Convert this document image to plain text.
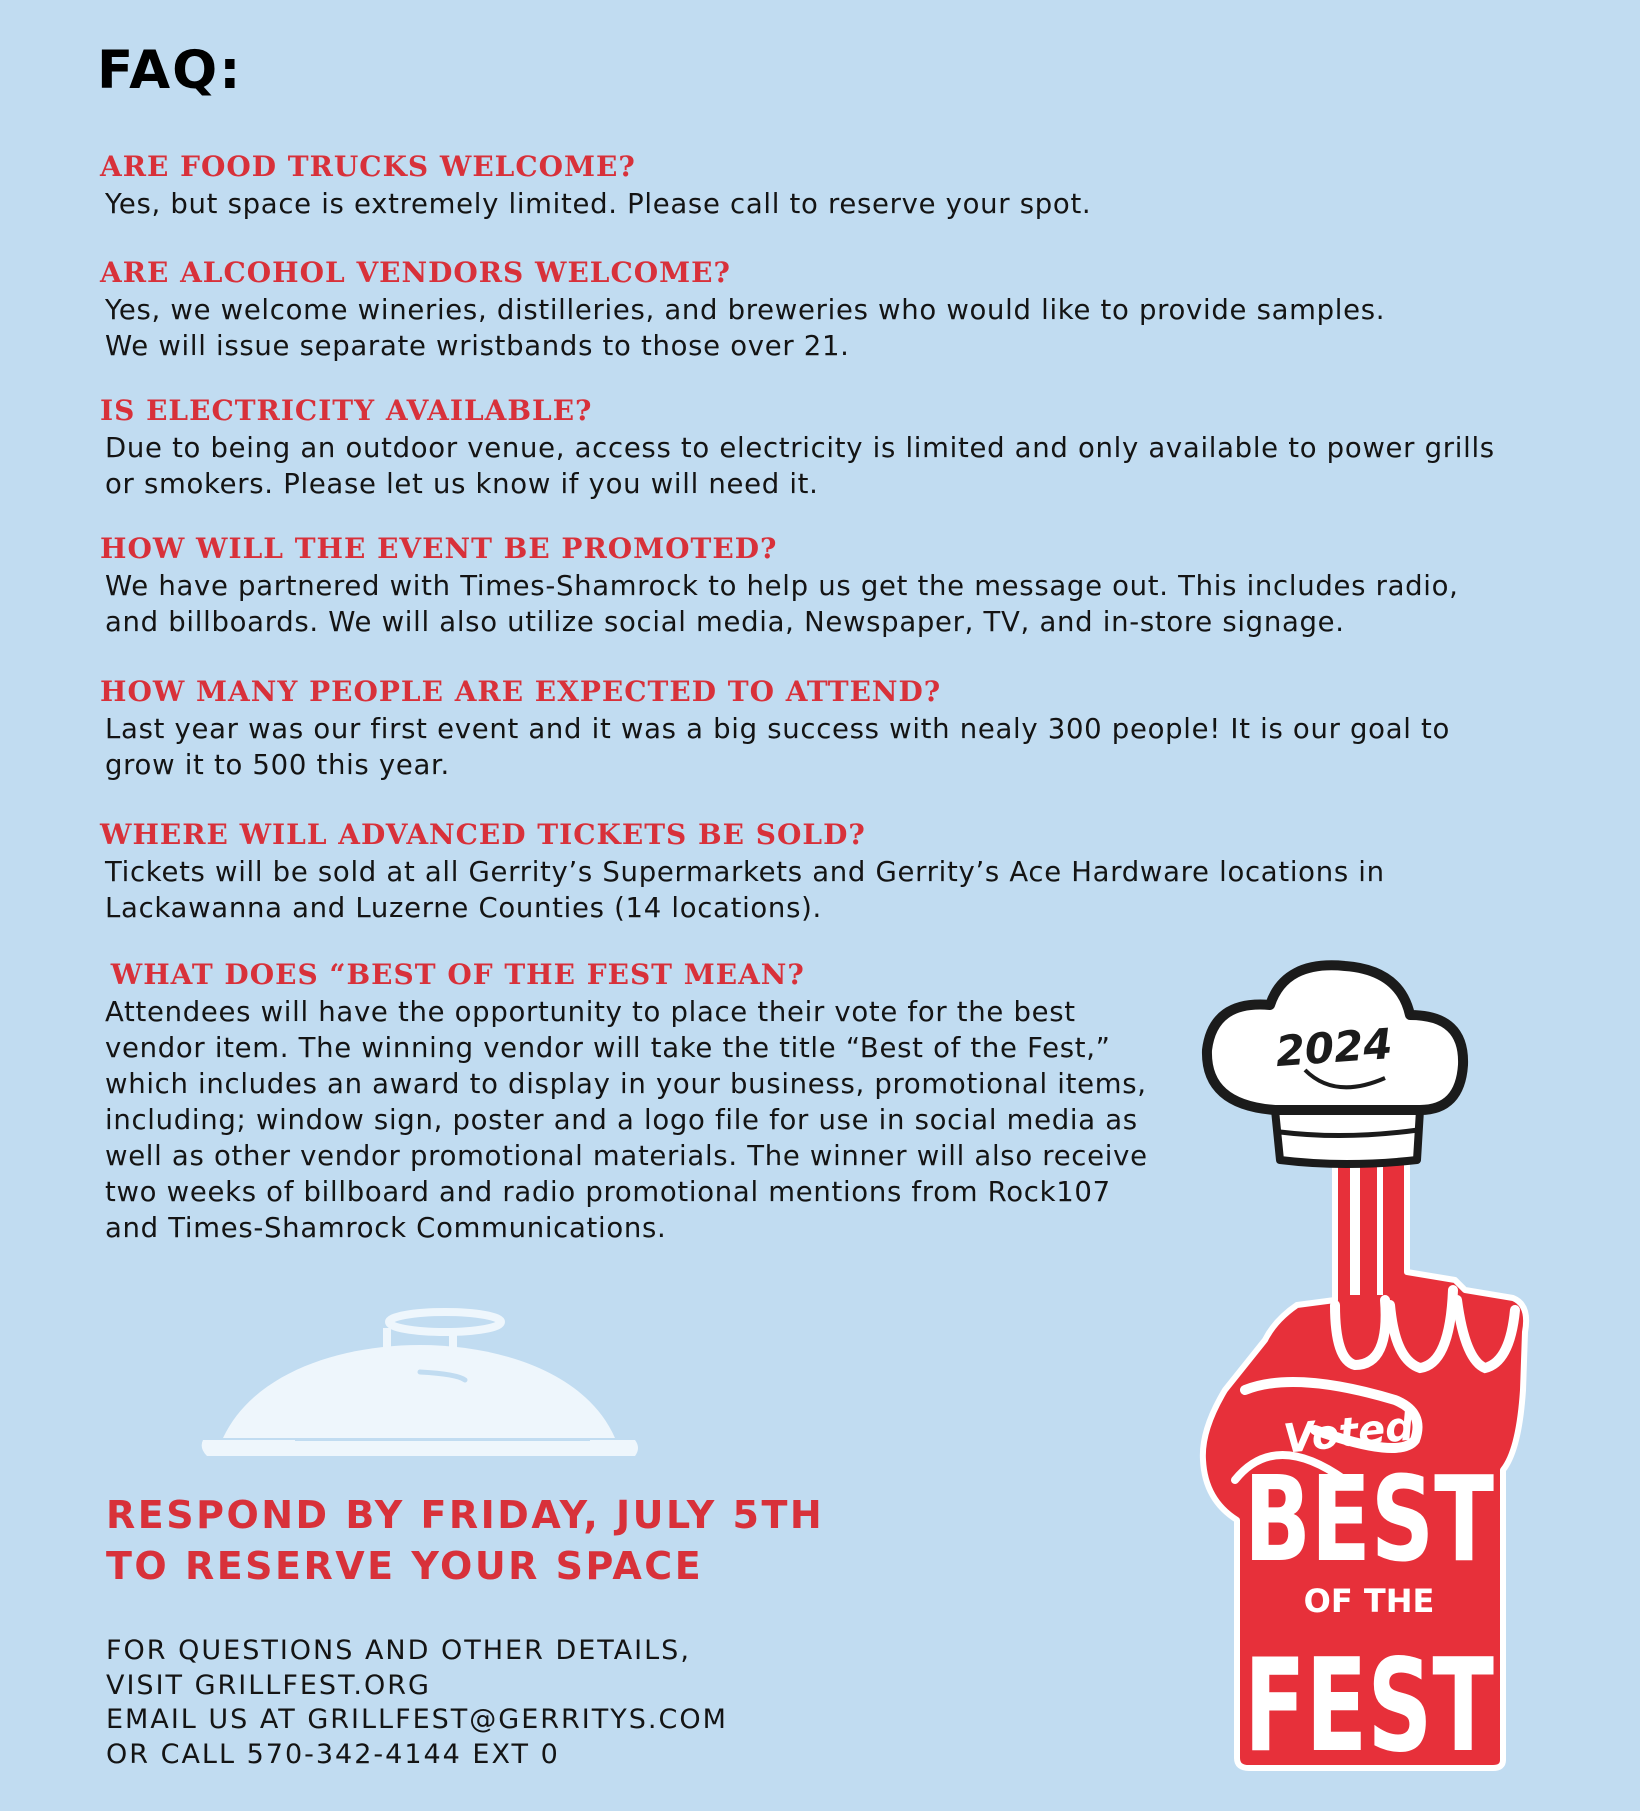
FAQ:
ARE FOOD TRUCKS WELCOME?
Yes, but space is extremely limited. Please call to reserve your spot.
ARE ALCOHOL VENDORS WELCOME?
Yes, we welcome wineries, distilleries, and breweries who would like to provide samples.
We will issue separate wristbands to those over 21.
IS ELECTRICITY AVAILABLE?
Due to being an outdoor venue, access to electricity is limited and only available to power grills
or smokers. Please let us know if you will need it.
HOW WILL THE EVENT BE PROMOTED?
We have partnered with Times-Shamrock to help us get the message out. This includes radio,
and billboards. We will also utilize social media, Newspaper, TV, and in-store signage.
HOW MANY PEOPLE ARE EXPECTED TO ATTEND?
Last year was our first event and it was a big success with nealy 300 people! It is our goal to
grow it to 500 this year.
WHERE WILL ADVANCED TICKETS BE SOLD?
Tickets will be sold at all Gerrity’s Supermarkets and Gerrity’s Ace Hardware locations in
Lackawanna and Luzerne Counties (14 locations).
WHAT DOES “BEST OF THE FEST MEAN?
Attendees will have the opportunity to place their vote for the best
vendor item. The winning vendor will take the title “Best of the Fest,”
which includes an award to display in your business, promotional items,
including; window sign, poster and a logo file for use in social media as
well as other vendor promotional materials. The winner will also receive
two weeks of billboard and radio promotional mentions from Rock107
and Times-Shamrock Communications.
RESPOND BY FRIDAY, JULY 5TH
TO RESERVE YOUR SPACE
FOR QUESTIONS AND OTHER DETAILS,
VISIT GRILLFEST.ORG
EMAIL US AT GRILLFEST@GERRITYS.COM
OR CALL 570-342-4144 EXT 0
2024
Voted
BEST
OF THE
FEST
